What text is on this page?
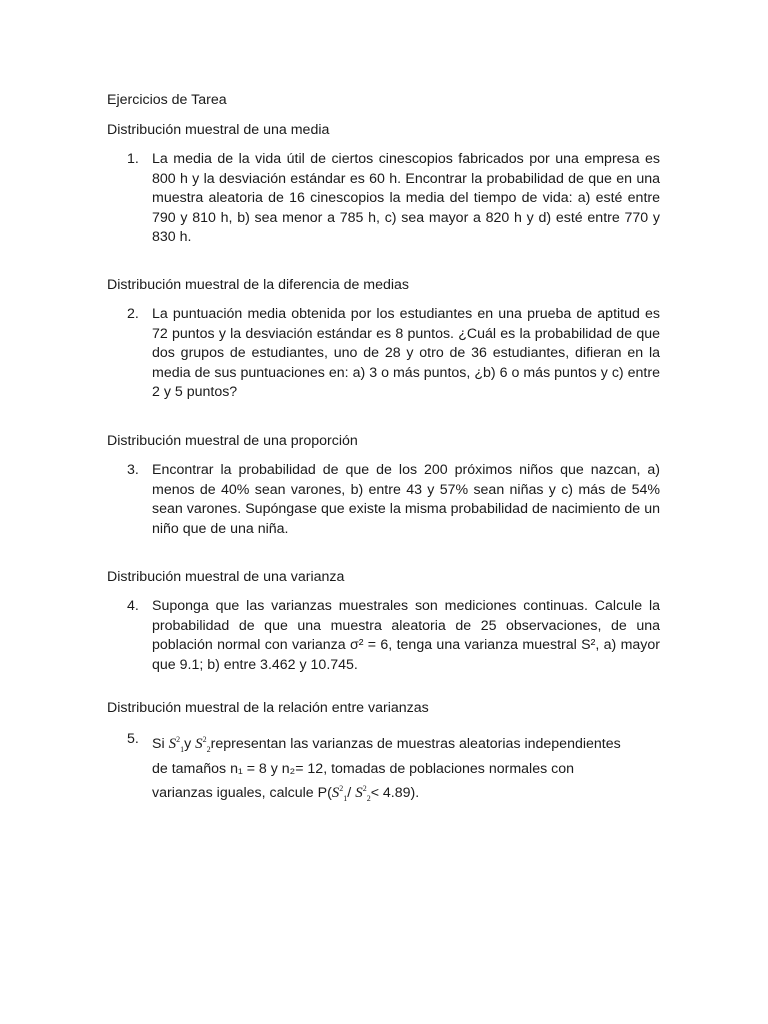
Ejercicios de Tarea
Distribución muestral de una media
1. La media de la vida útil de ciertos cinescopios fabricados por una empresa es 800 h y la desviación estándar es 60 h. Encontrar la probabilidad de que en una muestra aleatoria de 16 cinescopios la media del tiempo de vida: a) esté entre 790 y 810 h, b) sea menor a 785 h, c) sea mayor a 820 h y d) esté entre 770 y 830 h.
Distribución muestral de la diferencia de medias
2. La puntuación media obtenida por los estudiantes en una prueba de aptitud es 72 puntos y la desviación estándar es 8 puntos. ¿Cuál es la probabilidad de que dos grupos de estudiantes, uno de 28 y otro de 36 estudiantes, difieran en la media de sus puntuaciones en: a) 3 o más puntos, ¿b) 6 o más puntos y c) entre 2 y 5 puntos?
Distribución muestral de una proporción
3. Encontrar la probabilidad de que de los 200 próximos niños que nazcan, a) menos de 40% sean varones, b) entre 43 y 57% sean niñas y c) más de 54% sean varones. Supóngase que existe la misma probabilidad de nacimiento de un niño que de una niña.
Distribución muestral de una varianza
4. Suponga que las varianzas muestrales son mediciones continuas. Calcule la probabilidad de que una muestra aleatoria de 25 observaciones, de una población normal con varianza σ² = 6, tenga una varianza muestral S², a) mayor que 9.1; b) entre 3.462 y 10.745.
Distribución muestral de la relación entre varianzas
5. Si $S^2_1y$ $S^2_2representan$ las varianzas de muestras aleatorias independientes de tamaños n₁ = 8 y n₂= 12, tomadas de poblaciones normales con varianzas iguales, calcule $P(S^2_1/$ $S^2_2< 4.89$).
